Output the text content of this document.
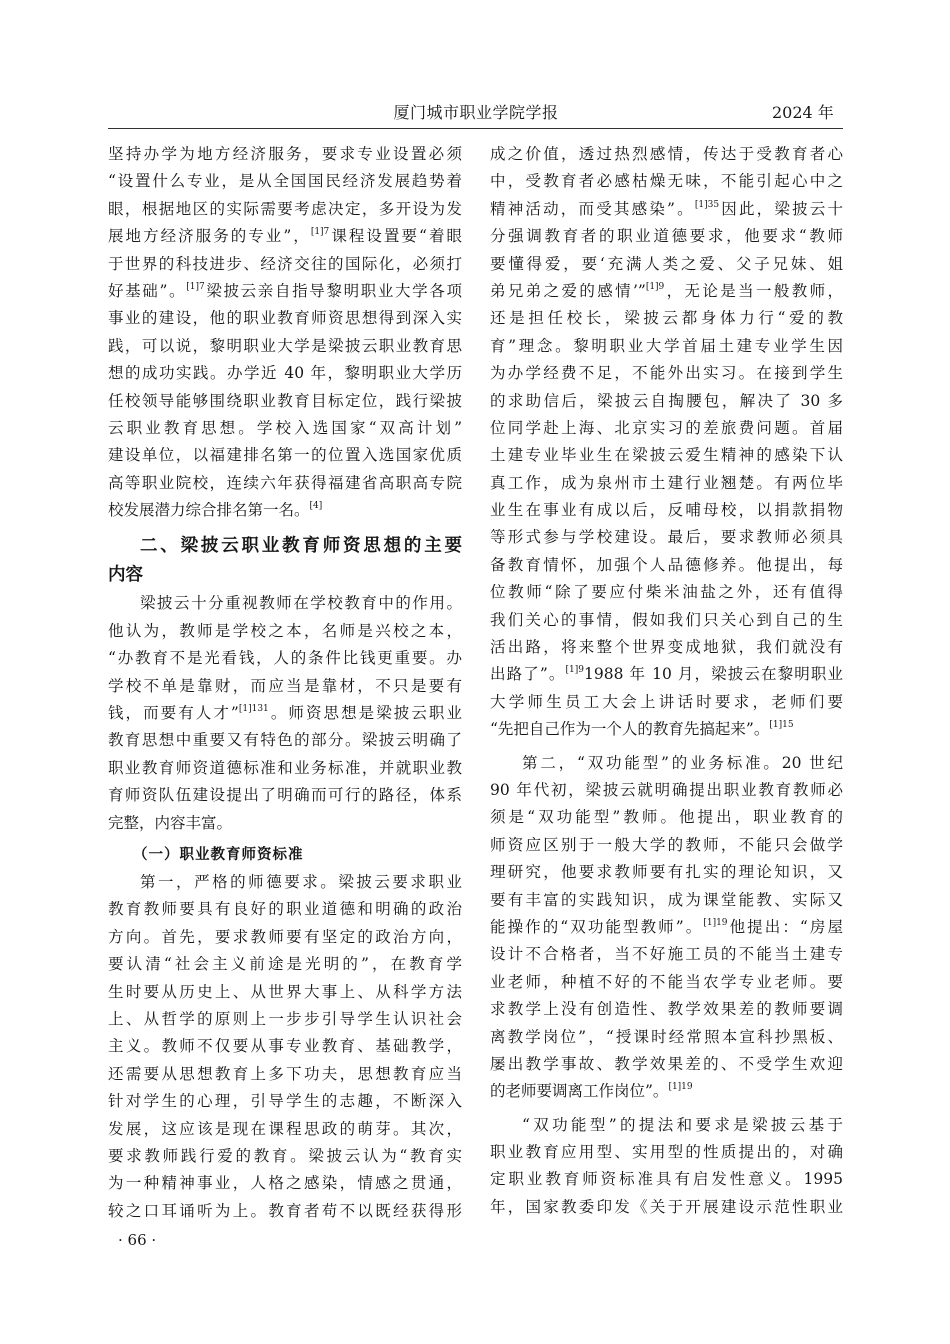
厦门城市职业学院学报	2024 年
坚持办学为地方经济服务，要求专业设置必须
“设置什么专业，是从全国国民经济发展趋势着
眼，根据地区的实际需要考虑决定，多开设为发
展地方经济服务的专业”，$^{[1]7}$课程设置要“着眼
于世界的科技进步、经济交往的国际化，必须打
好基础”。$^{[1]7}$梁披云亲自指导黎明职业大学各项
事业的建设，他的职业教育师资思想得到深入实
践，可以说，黎明职业大学是梁披云职业教育思
想的成功实践。办学近 40 年，黎明职业大学历
任校领导能够围绕职业教育目标定位，践行梁披
云职业教育思想。学校入选国家“双高计划”
建设单位，以福建排名第一的位置入选国家优质
高等职业院校，连续六年获得福建省高职高专院
校发展潜力综合排名第一名。[4]
二、梁披云职业教育师资思想的主要
内容
梁披云十分重视教师在学校教育中的作用。
他认为，教师是学校之本，名师是兴校之本，
“办教育不是光看钱，人的条件比钱更重要。办
学校不单是靠财，而应当是靠材，不只是要有
钱，而要有人才”$^{[1]131}$。师资思想是梁披云职业
教育思想中重要又有特色的部分。梁披云明确了
职业教育师资道德标准和业务标准，并就职业教
育师资队伍建设提出了明确而可行的路径，体系
完整，内容丰富。
（一）职业教育师资标准
第一，严格的师德要求。梁披云要求职业
教育教师要具有良好的职业道德和明确的政治
方向。首先，要求教师要有坚定的政治方向，
要认清“社会主义前途是光明的”，在教育学
生时要从历史上、从世界大事上、从科学方法
上、从哲学的原则上一步步引导学生认识社会
主义。教师不仅要从事专业教育、基础教学，
还需要从思想教育上多下功夫，思想教育应当
针对学生的心理，引导学生的志趣，不断深入
发展，这应该是现在课程思政的萌芽。其次，
要求教师践行爱的教育。梁披云认为“教育实
为一种精神事业，人格之感染，情感之贯通，
较之口耳诵听为上。教育者苟不以既经获得形
成之价值，透过热烈感情，传达于受教育者心
中，受教育者必感枯燥无味，不能引起心中之
精神活动，而受其感染”。$^{[1]35}$因此，梁披云十
分强调教育者的职业道德要求，他要求“教师
要懂得爱，要‘充满人类之爱、父子兄妹、姐
弟兄弟之爱的感情’”$^{[1]9}$，无论是当一般教师，
还是担任校长，梁披云都身体力行“爱的教
育”理念。黎明职业大学首届土建专业学生因
为办学经费不足，不能外出实习。在接到学生
的求助信后，梁披云自掏腰包，解决了 30 多
位同学赴上海、北京实习的差旅费问题。首届
土建专业毕业生在梁披云爱生精神的感染下认
真工作，成为泉州市土建行业翘楚。有两位毕
业生在事业有成以后，反哺母校，以捐款捐物
等形式参与学校建设。最后，要求教师必须具
备教育情怀，加强个人品德修养。他提出，每
位教师“除了要应付柴米油盐之外，还有值得
我们关心的事情，假如我们只关心到自己的生
活出路，将来整个世界变成地狱，我们就没有
出路了”。$^{[1]9}$1988 年 10 月，梁披云在黎明职业
大学师生员工大会上讲话时要求，老师们要
“先把自己作为一个人的教育先搞起来”。$^{[1]15}$
第二，“双功能型”的业务标准。20 世纪
90 年代初，梁披云就明确提出职业教育教师必
须是“双功能型”教师。他提出，职业教育的
师资应区别于一般大学的教师，不能只会做学
理研究，他要求教师要有扎实的理论知识，又
要有丰富的实践知识，成为课堂能教、实际又
能操作的“双功能型教师”。$^{[1]19}$他提出：“房屋
设计不合格者，当不好施工员的不能当土建专
业老师，种植不好的不能当农学专业老师。要
求教学上没有创造性、教学效果差的教师要调
离教学岗位”，“授课时经常照本宣科抄黑板、
屡出教学事故、教学效果差的、不受学生欢迎
的老师要调离工作岗位”。$^{[1]19}$
“双功能型”的提法和要求是梁披云基于
职业教育应用型、实用型的性质提出的，对确
定职业教育师资标准具有启发性意义。1995
年，国家教委印发《关于开展建设示范性职业
· 66 ·
